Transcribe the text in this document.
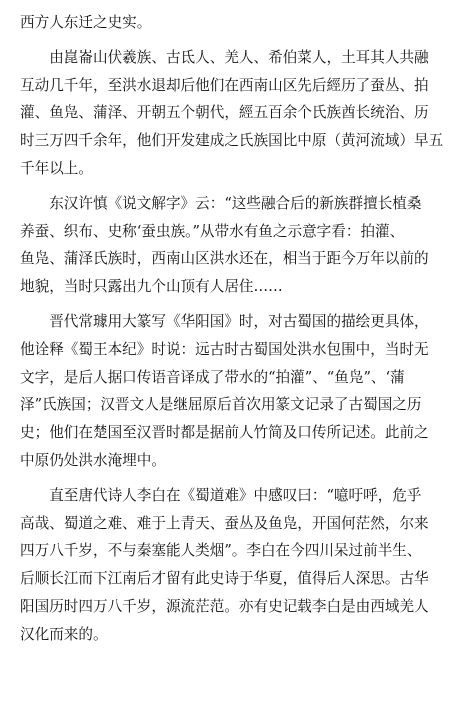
西方人东迁之史实。

　　由崑崙山伏羲族、古氐人、羌人、希伯菜人，土耳其人共融
互动几千年，至洪水退却后他们在西南山区先后經历了蚕丛、拍
灌、鱼凫、蒲泽、开朝五个朝代，經五百余个氏族酋长统治、历
时三万四千余年，他们开发建成之氏族国比中原（黄河流域）早五
千年以上。

　　东汉许慎《说文解字》云：“这些融合后的新族群擅长植桑
养蚕、织布、史称‘蚕虫族。”从带水有鱼之示意字看：拍灌、
鱼凫、蒲泽氏族时，西南山区洪水还在，相当于距今万年以前的
地貌，当时只露出九个山顶有人居住……

　　晋代常璩用大篆写《华阳国》时，对古蜀国的描绘更具体，
他诠释《蜀王本纪》时说：远古时古蜀国处洪水包围中，当时无
文字，是后人据口传语音译成了带水的“拍灌”、“鱼凫”、‘蒲
泽”氏族国；汉晋文人是继屈原后首次用篆文记录了古蜀国之历
史；他们在楚国至汉晋时都是据前人竹简及口传所记述。此前之
中原仍处洪水淹埋中。

　　直至唐代诗人李白在《蜀道难》中感叹曰：“噫吁呼，危乎
高哉、蜀道之难、难于上青天、蚕丛及鱼凫，开国何茫然，尔来
四万八千岁，不与秦塞能人类烟”。李白在今四川呆过前半生、
后顺长江而下江南后才留有此史诗于华夏，值得后人深思。古华
阳国历时四万八千岁，源流茫范。亦有史记载李白是由西域羌人
汉化而来的。
